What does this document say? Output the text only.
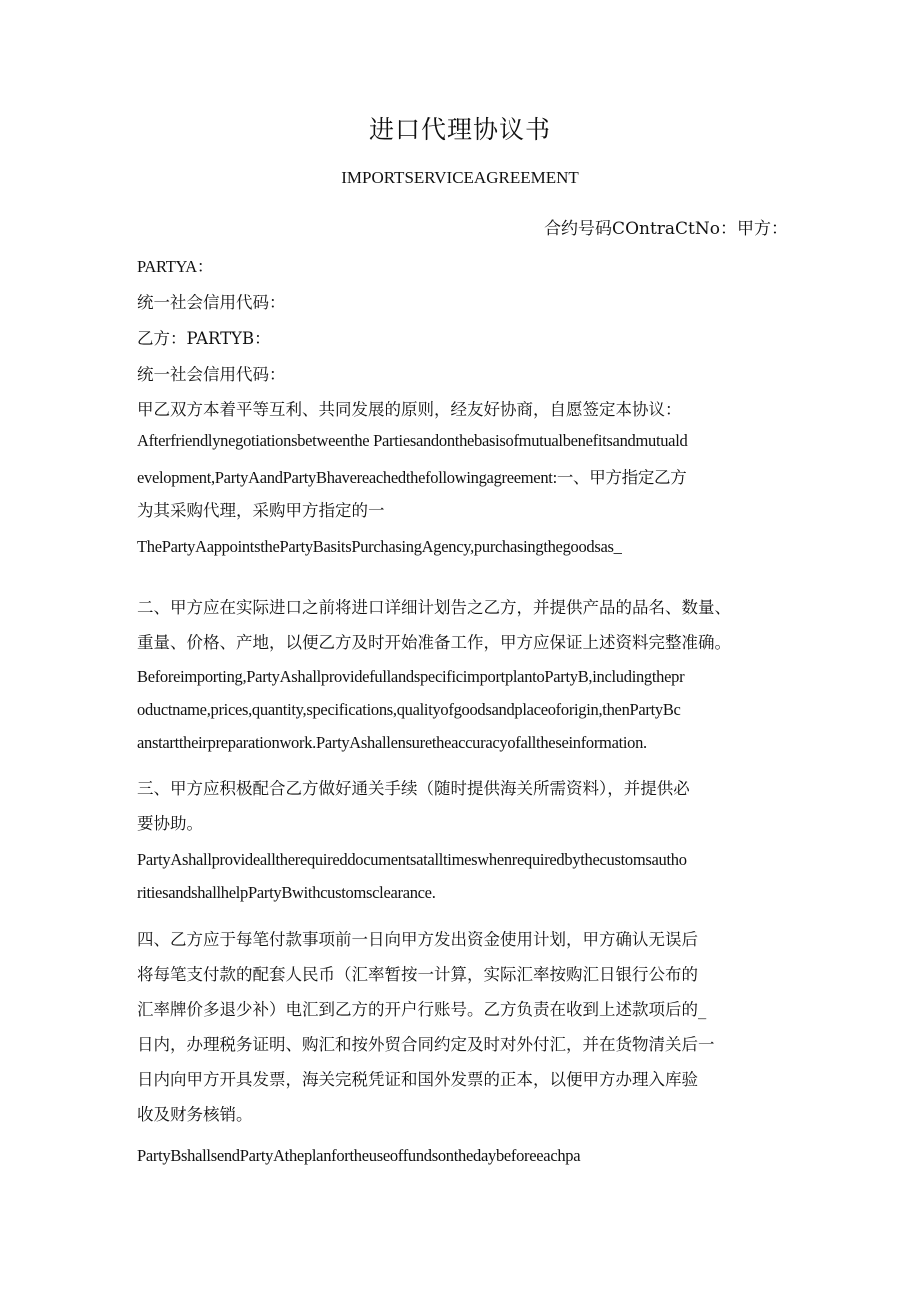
进口代理协议书
IMPORTSERVICEAGREEMENT
合约号码COntraCtNo：甲方：
PARTYA：
统一社会信用代码：
乙方：PARTYB：
统一社会信用代码：
甲乙双方本着平等互利、共同发展的原则，经友好协商，自愿签定本协议：
Afterfriendlynegotiationsbetweenthe Partiesandonthebasisofmutualbenefitsandmutuald
evelopment,PartyAandPartyBhavereachedthefollowingagreement:一、甲方指定乙方
为其采购代理，采购甲方指定的一
ThePartyAappointsthePartyBasitsPurchasingAgency,purchasingthegoodsas_
二、甲方应在实际进口之前将进口详细计划告之乙方，并提供产品的品名、数量、
重量、价格、产地，以便乙方及时开始准备工作，甲方应保证上述资料完整准确。
Beforeimporting,PartyAshallprovidefullandspecificimportplantoPartyB,includingthepr
oductname,prices,quantity,specifications,qualityofgoodsandplaceoforigin,thenPartyBc
anstarttheirpreparationwork.PartyAshallensuretheaccuracyofalltheseinformation.
三、甲方应积极配合乙方做好通关手续（随时提供海关所需资料），并提供必
要协助。
PartyAshallprovidealltherequireddocumentsatalltimeswhenrequiredbythecustomsautho
ritiesandshallhelpPartyBwithcustomsclearance.
四、乙方应于每笔付款事项前一日向甲方发出资金使用计划，甲方确认无误后
将每笔支付款的配套人民币（汇率暂按一计算，实际汇率按购汇日银行公布的
汇率牌价多退少补）电汇到乙方的开户行账号。乙方负责在收到上述款项后的_
日内，办理税务证明、购汇和按外贸合同约定及时对外付汇，并在货物清关后一
日内向甲方开具发票，海关完税凭证和国外发票的正本，以便甲方办理入库验
收及财务核销。
PartyBshallsendPartyAtheplanfortheuseoffundsonthedaybeforeeachpa
